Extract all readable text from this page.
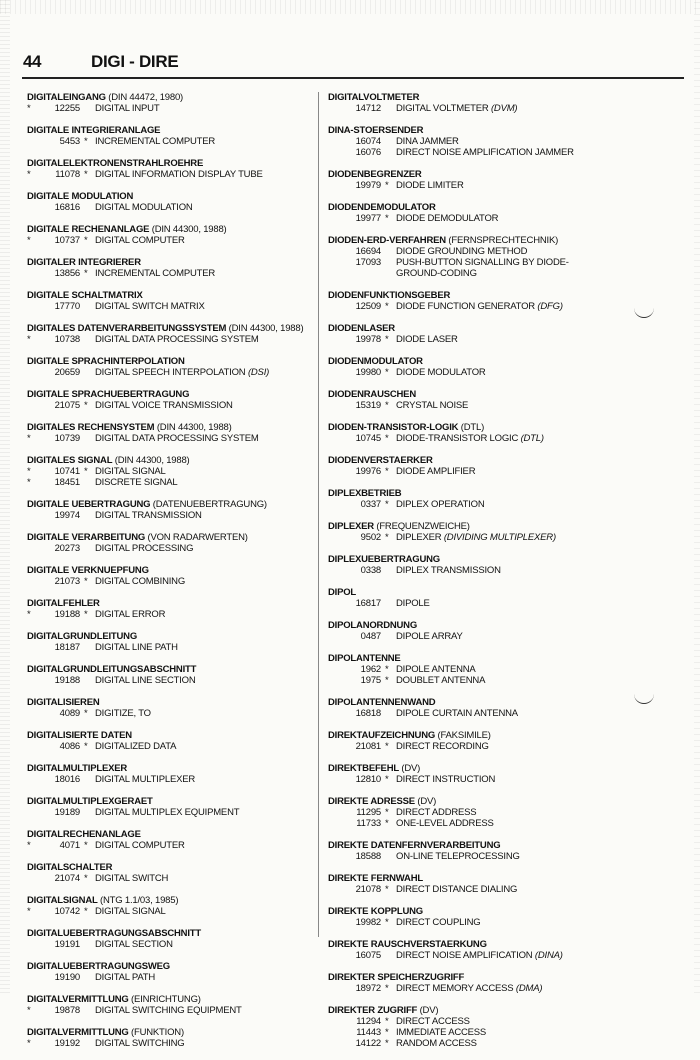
44	DIGI - DIRE
DIGITALEINGANG (DIN 44472, 1980)
*	12255 DIGITAL INPUT
DIGITALE INTEGRIERANLAGE
5453 * INCREMENTAL COMPUTER
DIGITALELEKTRONENSTRAHLROEHRE
*	11078 * DIGITAL INFORMATION DISPLAY TUBE
DIGITALE MODULATION
16816 DIGITAL MODULATION
DIGITALE RECHENANLAGE (DIN 44300, 1988)
*	10737 * DIGITAL COMPUTER
DIGITALER INTEGRIERER
13856 * INCREMENTAL COMPUTER
DIGITALE SCHALTMATRIX
17770 DIGITAL SWITCH MATRIX
DIGITALES DATENVERARBEITUNGSSYSTEM (DIN 44300, 1988)
*	10738 DIGITAL DATA PROCESSING SYSTEM
DIGITALE SPRACHINTERPOLATION
20659 DIGITAL SPEECH INTERPOLATION (DSI)
DIGITALE SPRACHUEBERTRAGUNG
21075 * DIGITAL VOICE TRANSMISSION
DIGITALES RECHENSYSTEM (DIN 44300, 1988)
*	10739 DIGITAL DATA PROCESSING SYSTEM
DIGITALES SIGNAL (DIN 44300, 1988)
*	10741 * DIGITAL SIGNAL
*	18451 DISCRETE SIGNAL
DIGITALE UEBERTRAGUNG (DATENUEBERTRAGUNG)
19974 DIGITAL TRANSMISSION
DIGITALE VERARBEITUNG (VON RADARWERTEN)
20273 DIGITAL PROCESSING
DIGITALE VERKNUEPFUNG
21073 * DIGITAL COMBINING
DIGITALFEHLER
*	19188 * DIGITAL ERROR
DIGITALGRUNDLEITUNG
18187 DIGITAL LINE PATH
DIGITALGRUNDLEITUNGSABSCHNITT
19188 DIGITAL LINE SECTION
DIGITALISIEREN
4089 * DIGITIZE, TO
DIGITALISIERTE DATEN
4086 * DIGITALIZED DATA
DIGITALMULTIPLEXER
18016 DIGITAL MULTIPLEXER
DIGITALMULTIPLEXGERAET
19189 DIGITAL MULTIPLEX EQUIPMENT
DIGITALRECHENANLAGE
*	4071 * DIGITAL COMPUTER
DIGITALSCHALTER
21074 * DIGITAL SWITCH
DIGITALSIGNAL (NTG 1.1/03, 1985)
*	10742 * DIGITAL SIGNAL
DIGITALUEBERTRAGUNGSABSCHNITT
19191 DIGITAL SECTION
DIGITALUEBERTRAGUNGSWEG
19190 DIGITAL PATH
DIGITALVERMITTLUNG (EINRICHTUNG)
*	19878 DIGITAL SWITCHING EQUIPMENT
DIGITALVERMITTLUNG (FUNKTION)
*	19192 DIGITAL SWITCHING
DIGITALVOLTMETER
14712 DIGITAL VOLTMETER (DVM)
DINA-STOERSENDER
16074 DINA JAMMER
16076 DIRECT NOISE AMPLIFICATION JAMMER
DIODENBEGRENZER
19979 * DIODE LIMITER
DIODENDEMODULATOR
19977 * DIODE DEMODULATOR
DIODEN-ERD-VERFAHREN (FERNSPRECHTECHNIK)
16694 DIODE GROUNDING METHOD
17093 PUSH-BUTTON SIGNALLING BY DIODE-
GROUND-CODING
DIODENFUNKTIONSGEBER
12509 * DIODE FUNCTION GENERATOR (DFG)
DIODENLASER
19978 * DIODE LASER
DIODENMODULATOR
19980 * DIODE MODULATOR
DIODENRAUSCHEN
15319 * CRYSTAL NOISE
DIODEN-TRANSISTOR-LOGIK (DTL)
10745 * DIODE-TRANSISTOR LOGIC (DTL)
DIODENVERSTAERKER
19976 * DIODE AMPLIFIER
DIPLEXBETRIEB
0337 * DIPLEX OPERATION
DIPLEXER (FREQUENZWEICHE)
9502 * DIPLEXER (DIVIDING MULTIPLEXER)
DIPLEXUEBERTRAGUNG
0338 DIPLEX TRANSMISSION
DIPOL
16817 DIPOLE
DIPOLANORDNUNG
0487 DIPOLE ARRAY
DIPOLANTENNE
1962 * DIPOLE ANTENNA
1975 * DOUBLET ANTENNA
DIPOLANTENNENWAND
16818 DIPOLE CURTAIN ANTENNA
DIREKTAUFZEICHNUNG (FAKSIMILE)
21081 * DIRECT RECORDING
DIREKTBEFEHL (DV)
12810 * DIRECT INSTRUCTION
DIREKTE ADRESSE (DV)
11295 * DIRECT ADDRESS
11733 * ONE-LEVEL ADDRESS
DIREKTE DATENFERNVERARBEITUNG
18588 ON-LINE TELEPROCESSING
DIREKTE FERNWAHL
21078 * DIRECT DISTANCE DIALING
DIREKTE KOPPLUNG
19982 * DIRECT COUPLING
DIREKTE RAUSCHVERSTAERKUNG
16075 DIRECT NOISE AMPLIFICATION (DINA)
DIREKTER SPEICHERZUGRIFF
18972 * DIRECT MEMORY ACCESS (DMA)
DIREKTER ZUGRIFF (DV)
11294 * DIRECT ACCESS
11443 * IMMEDIATE ACCESS
14122 * RANDOM ACCESS
